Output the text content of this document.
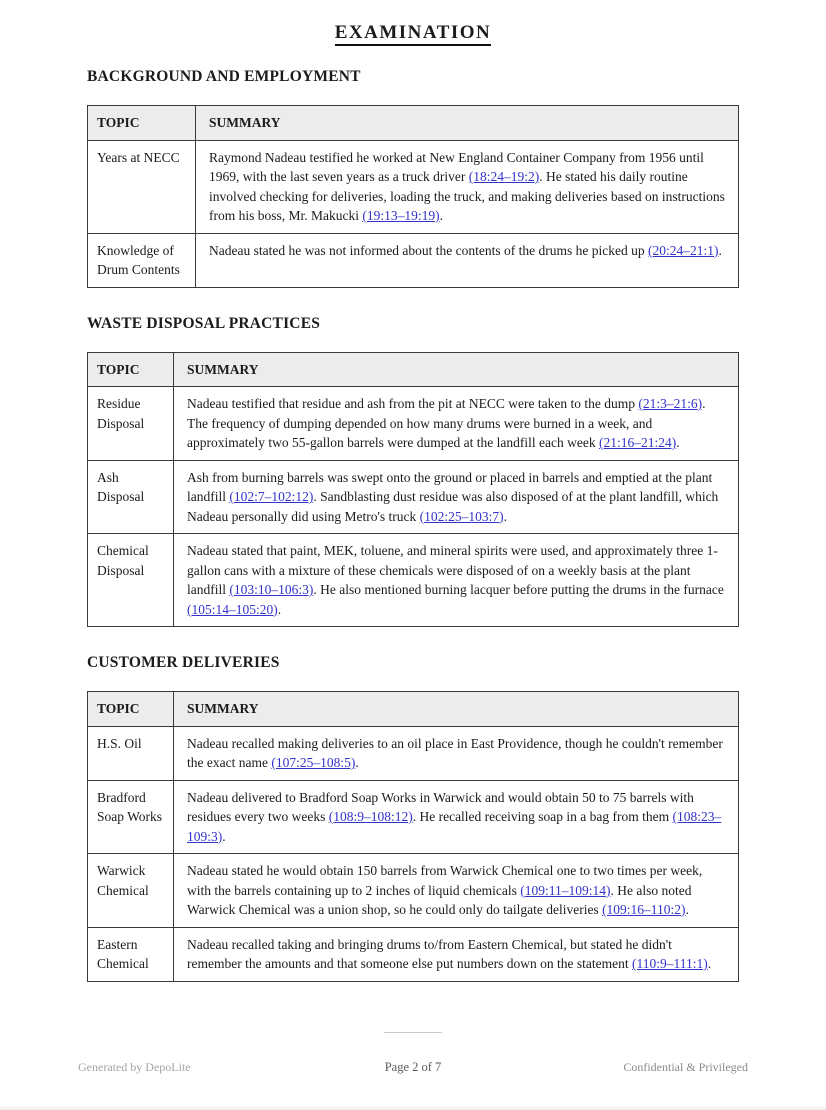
EXAMINATION
BACKGROUND AND EMPLOYMENT
TOPIC	SUMMARY
Years at NECC	Raymond Nadeau testified he worked at New England Container Company from 1956 until 1969, with the last seven years as a truck driver (18:24–19:2). He stated his daily routine involved checking for deliveries, loading the truck, and making deliveries based on instructions from his boss, Mr. Makucki (19:13–19:19).
Knowledge of Drum Contents	Nadeau stated he was not informed about the contents of the drums he picked up (20:24–21:1).
WASTE DISPOSAL PRACTICES
TOPIC	SUMMARY
Residue Disposal	Nadeau testified that residue and ash from the pit at NECC were taken to the dump (21:3–21:6). The frequency of dumping depended on how many drums were burned in a week, and approximately two 55-gallon barrels were dumped at the landfill each week (21:16–21:24).
Ash Disposal	Ash from burning barrels was swept onto the ground or placed in barrels and emptied at the plant landfill (102:7–102:12). Sandblasting dust residue was also disposed of at the plant landfill, which Nadeau personally did using Metro's truck (102:25–103:7).
Chemical Disposal	Nadeau stated that paint, MEK, toluene, and mineral spirits were used, and approximately three 1-gallon cans with a mixture of these chemicals were disposed of on a weekly basis at the plant landfill (103:10–106:3). He also mentioned burning lacquer before putting the drums in the furnace (105:14–105:20).
CUSTOMER DELIVERIES
TOPIC	SUMMARY
H.S. Oil	Nadeau recalled making deliveries to an oil place in East Providence, though he couldn't remember the exact name (107:25–108:5).
Bradford Soap Works	Nadeau delivered to Bradford Soap Works in Warwick and would obtain 50 to 75 barrels with residues every two weeks (108:9–108:12). He recalled receiving soap in a bag from them (108:23–109:3).
Warwick Chemical	Nadeau stated he would obtain 150 barrels from Warwick Chemical one to two times per week, with the barrels containing up to 2 inches of liquid chemicals (109:11–109:14). He also noted Warwick Chemical was a union shop, so he could only do tailgate deliveries (109:16–110:2).
Eastern Chemical	Nadeau recalled taking and bringing drums to/from Eastern Chemical, but stated he didn't remember the amounts and that someone else put numbers down on the statement (110:9–111:1).
Generated by DepoLite	Page 2 of 7	Confidential & Privileged
